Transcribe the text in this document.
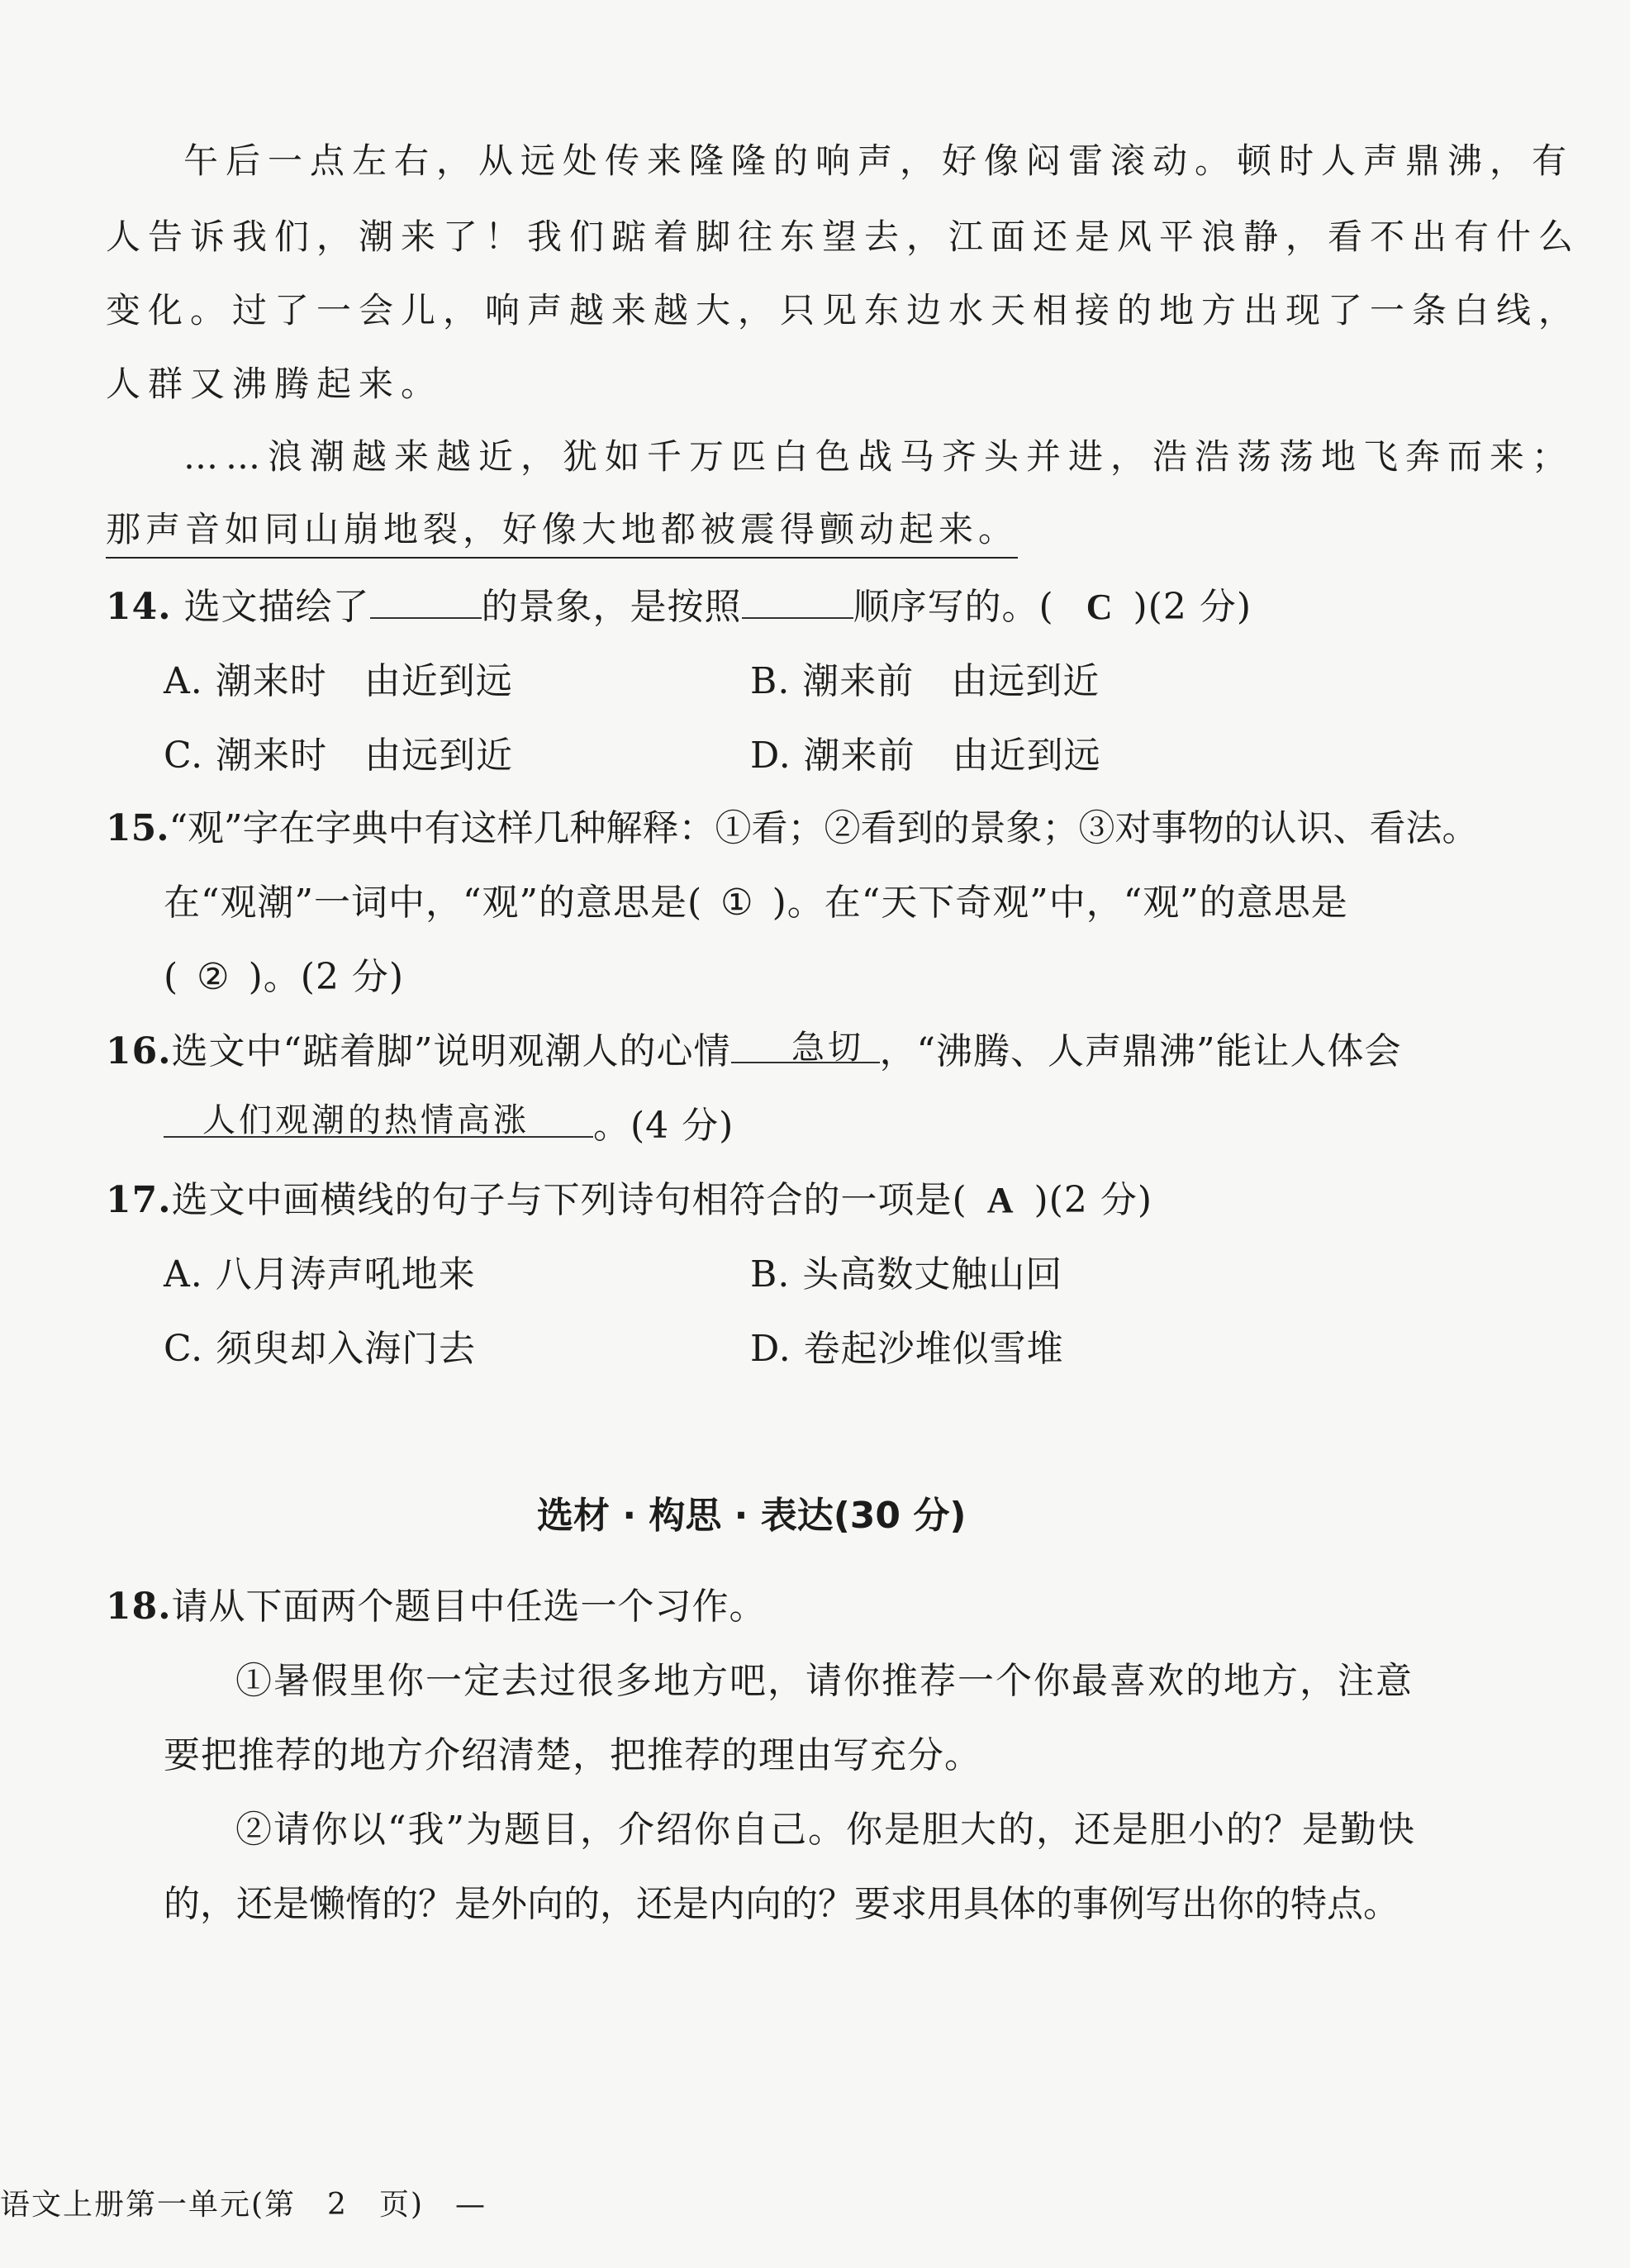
午后一点左右，从远处传来隆隆的响声，好像闷雷滚动。顿时人声鼎沸，有
人告诉我们，潮来了！我们踮着脚往东望去，江面还是风平浪静，看不出有什么
变化。过了一会儿，响声越来越大，只见东边水天相接的地方出现了一条白线，
人群又沸腾起来。
……浪潮越来越近，犹如千万匹白色战马齐头并进，浩浩荡荡地飞奔而来；
那声音如同山崩地裂，好像大地都被震得颤动起来。
14. 选文描绘了	的景象，是按照	顺序写的。( C )(2 分)
A. 潮来时　由近到远	B. 潮来前　由远到近
C. 潮来时　由远到近	D. 潮来前　由近到远
15.“观”字在字典中有这样几种解释：①看；②看到的景象；③对事物的认识、看法。
在“观潮”一词中，“观”的意思是( ① )。在“天下奇观”中，“观”的意思是
( ② )。(2 分)
16.选文中“踮着脚”说明观潮人的心情	，“沸腾、人声鼎沸”能让人体会
急切
。(4 分)
人们观潮的热情高涨
17.选文中画横线的句子与下列诗句相符合的一项是( A )(2 分)
A. 八月涛声吼地来	B. 头高数丈触山回
C. 须臾却入海门去	D. 卷起沙堆似雪堆
选材 · 构思 · 表达(30 分)
18.请从下面两个题目中任选一个习作。
①暑假里你一定去过很多地方吧，请你推荐一个你最喜欢的地方，注意
要把推荐的地方介绍清楚，把推荐的理由写充分。
②请你以“我”为题目，介绍你自己。你是胆大的，还是胆小的？是勤快
的，还是懒惰的？是外向的，还是内向的？要求用具体的事例写出你的特点。
语文上册第一单元(第　2　页)　—
